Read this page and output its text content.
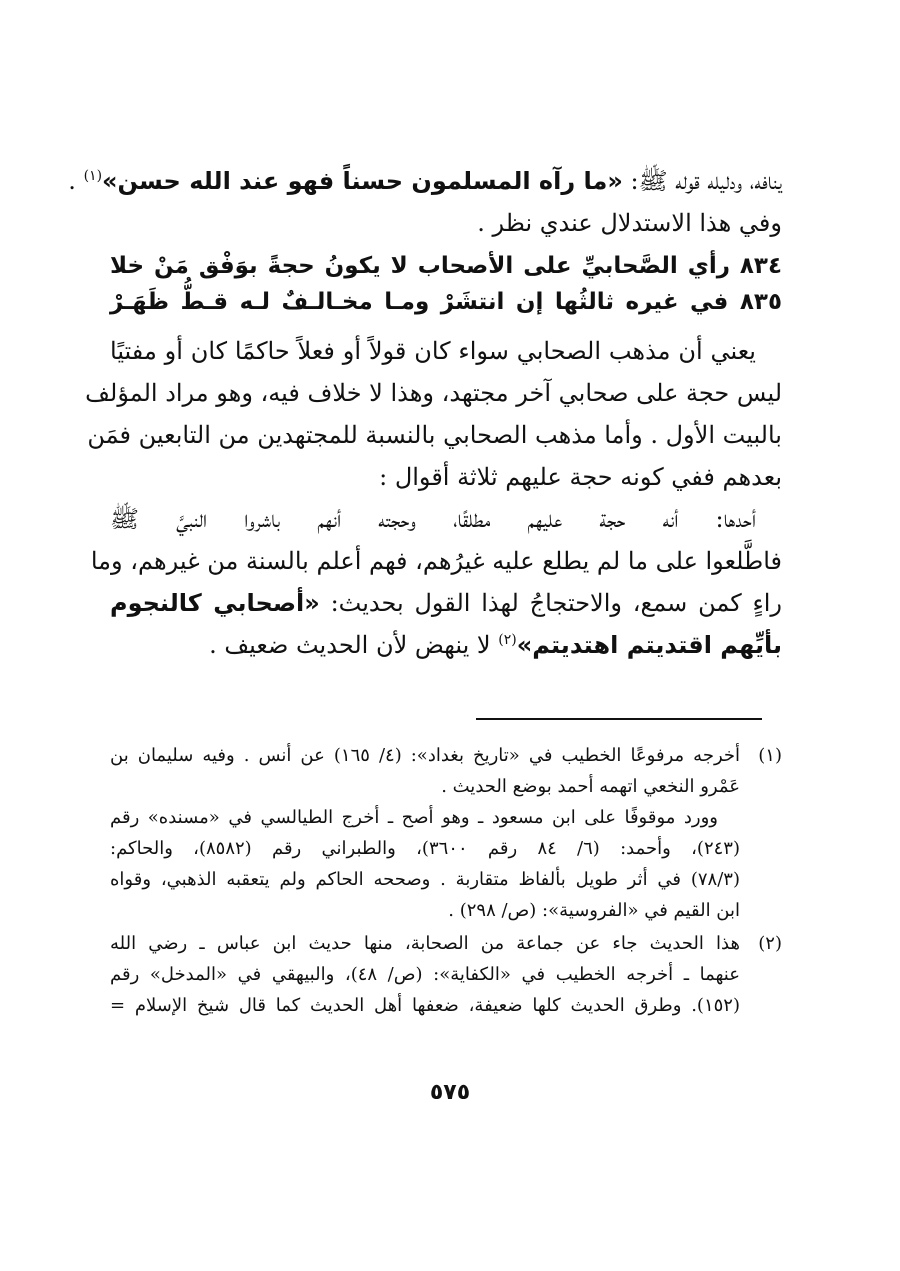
ينافه، ودليله قوله ﷺ: «ما رآه المسلمون حسناً فهو عند الله حسن»$^{(١)}$ .
وفي هذا الاستدلال عندي نظر .
٨٣٤ رأي الصَّحابيِّ على الأصحاب لا يكونُ حجةً بوَفْق مَنْ خلا
٨٣٥ في غيره ثالثُها إن انتشَرْ ومـا مخـالـفٌ لـه قـطُّ ظَهَـرْ
يعني أن مذهب الصحابي سواء كان قولاً أو فعلاً حاكمًا كان أو مفتيًا
ليس حجة على صحابي آخر مجتهد، وهذا لا خلاف فيه، وهو مراد المؤلف
بالبيت الأول . وأما مذهب الصحابي بالنسبة للمجتهدين من التابعين فمَن
بعدهم ففي كونه حجة عليهم ثلاثة أقوال :
أحدها: أنه حجة عليهم مطلقًا، وحجته أنهم باشروا النبيَّ ﷺ
فاطَّلعوا على ما لم يطلع عليه غيرُهم، فهم أعلم بالسنة من غيرهم، وما
راءٍ كمن سمع، والاحتجاجُ لهذا القول بحديث: «أصحابي كالنجوم
بأيِّهم اقتديتم اهتديتم»$^{(٢)}$ لا ينهض لأن الحديث ضعيف .
(١)
أخرجه مرفوعًا الخطيب في «تاريخ بغداد»: (٤/ ١٦٥) عن أنس . وفيه سليمان بن
عَمْرو النخعي اتهمه أحمد بوضع الحديث .
وورد موقوفًا على ابن مسعود ـ وهو أصح ـ أخرج الطيالسي في «مسنده» رقم
(٢٤٣)، وأحمد: (٦/ ٨٤ رقم ٣٦٠٠)، والطبراني رقم (٨٥٨٢)، والحاكم:
(٧٨/٣) في أثر طويل بألفاظ متقاربة . وصححه الحاكم ولم يتعقبه الذهبي، وقواه
ابن القيم في «الفروسية»: (ص/ ٢٩٨) .
(٢)
هذا الحديث جاء عن جماعة من الصحابة، منها حديث ابن عباس ـ رضي الله
عنهما ـ أخرجه الخطيب في «الكفاية»: (ص/ ٤٨)، والبيهقي في «المدخل» رقم
(١٥٢). وطرق الحديث كلها ضعيفة، ضعفها أهل الحديث كما قال شيخ الإسلام =
٥٧٥
